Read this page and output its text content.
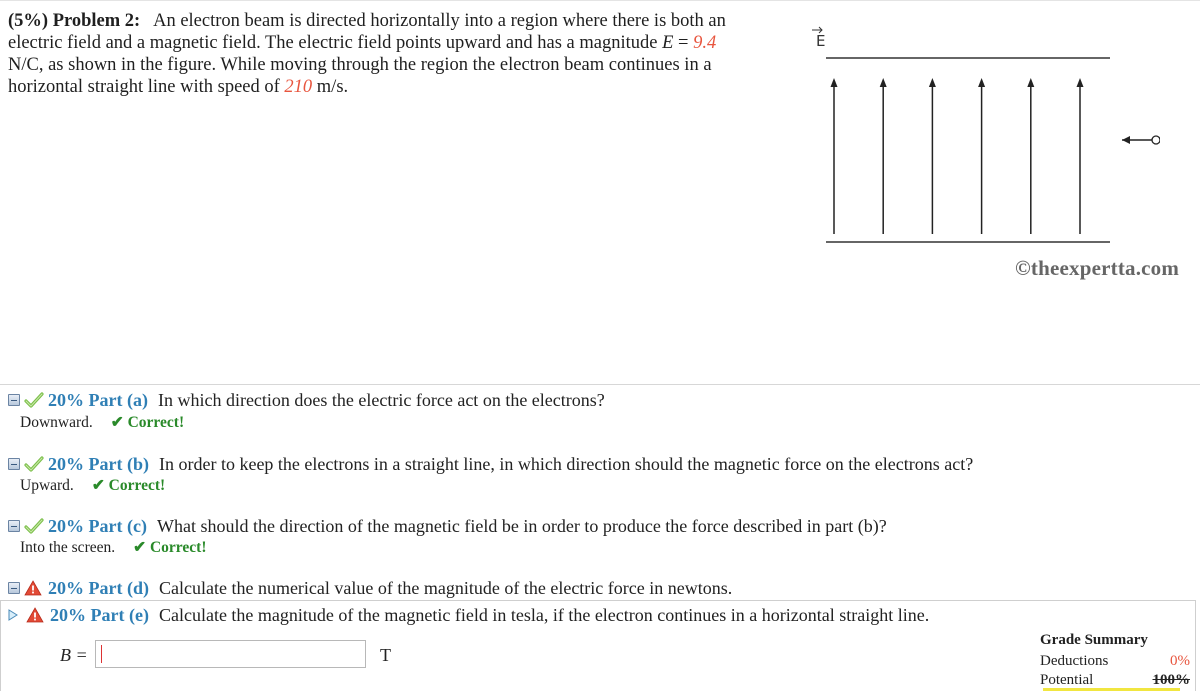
(5%) Problem 2: An electron beam is directed horizontally into a region where there is both an electric field and a magnetic field. The electric field points upward and has a magnitude E = 9.4 N/C, as shown in the figure. While moving through the region the electron beam continues in a horizontal straight line with speed of 210 m/s.
E
©theexpertta.com
20% Part (a) In which direction does the electric force act on the electrons?
Downward. ✔ Correct!
20% Part (b) In order to keep the electrons in a straight line, in which direction should the magnetic force on the electrons act?
Upward. ✔ Correct!
20% Part (c) What should the direction of the magnetic field be in order to produce the force described in part (b)?
Into the screen. ✔ Correct!
20% Part (d) Calculate the numerical value of the magnitude of the electric force in newtons.
20% Part (e) Calculate the magnitude of the magnetic field in tesla, if the electron continues in a horizontal straight line.
B =	T
Grade Summary
Deductions	0%
Potential	100%
